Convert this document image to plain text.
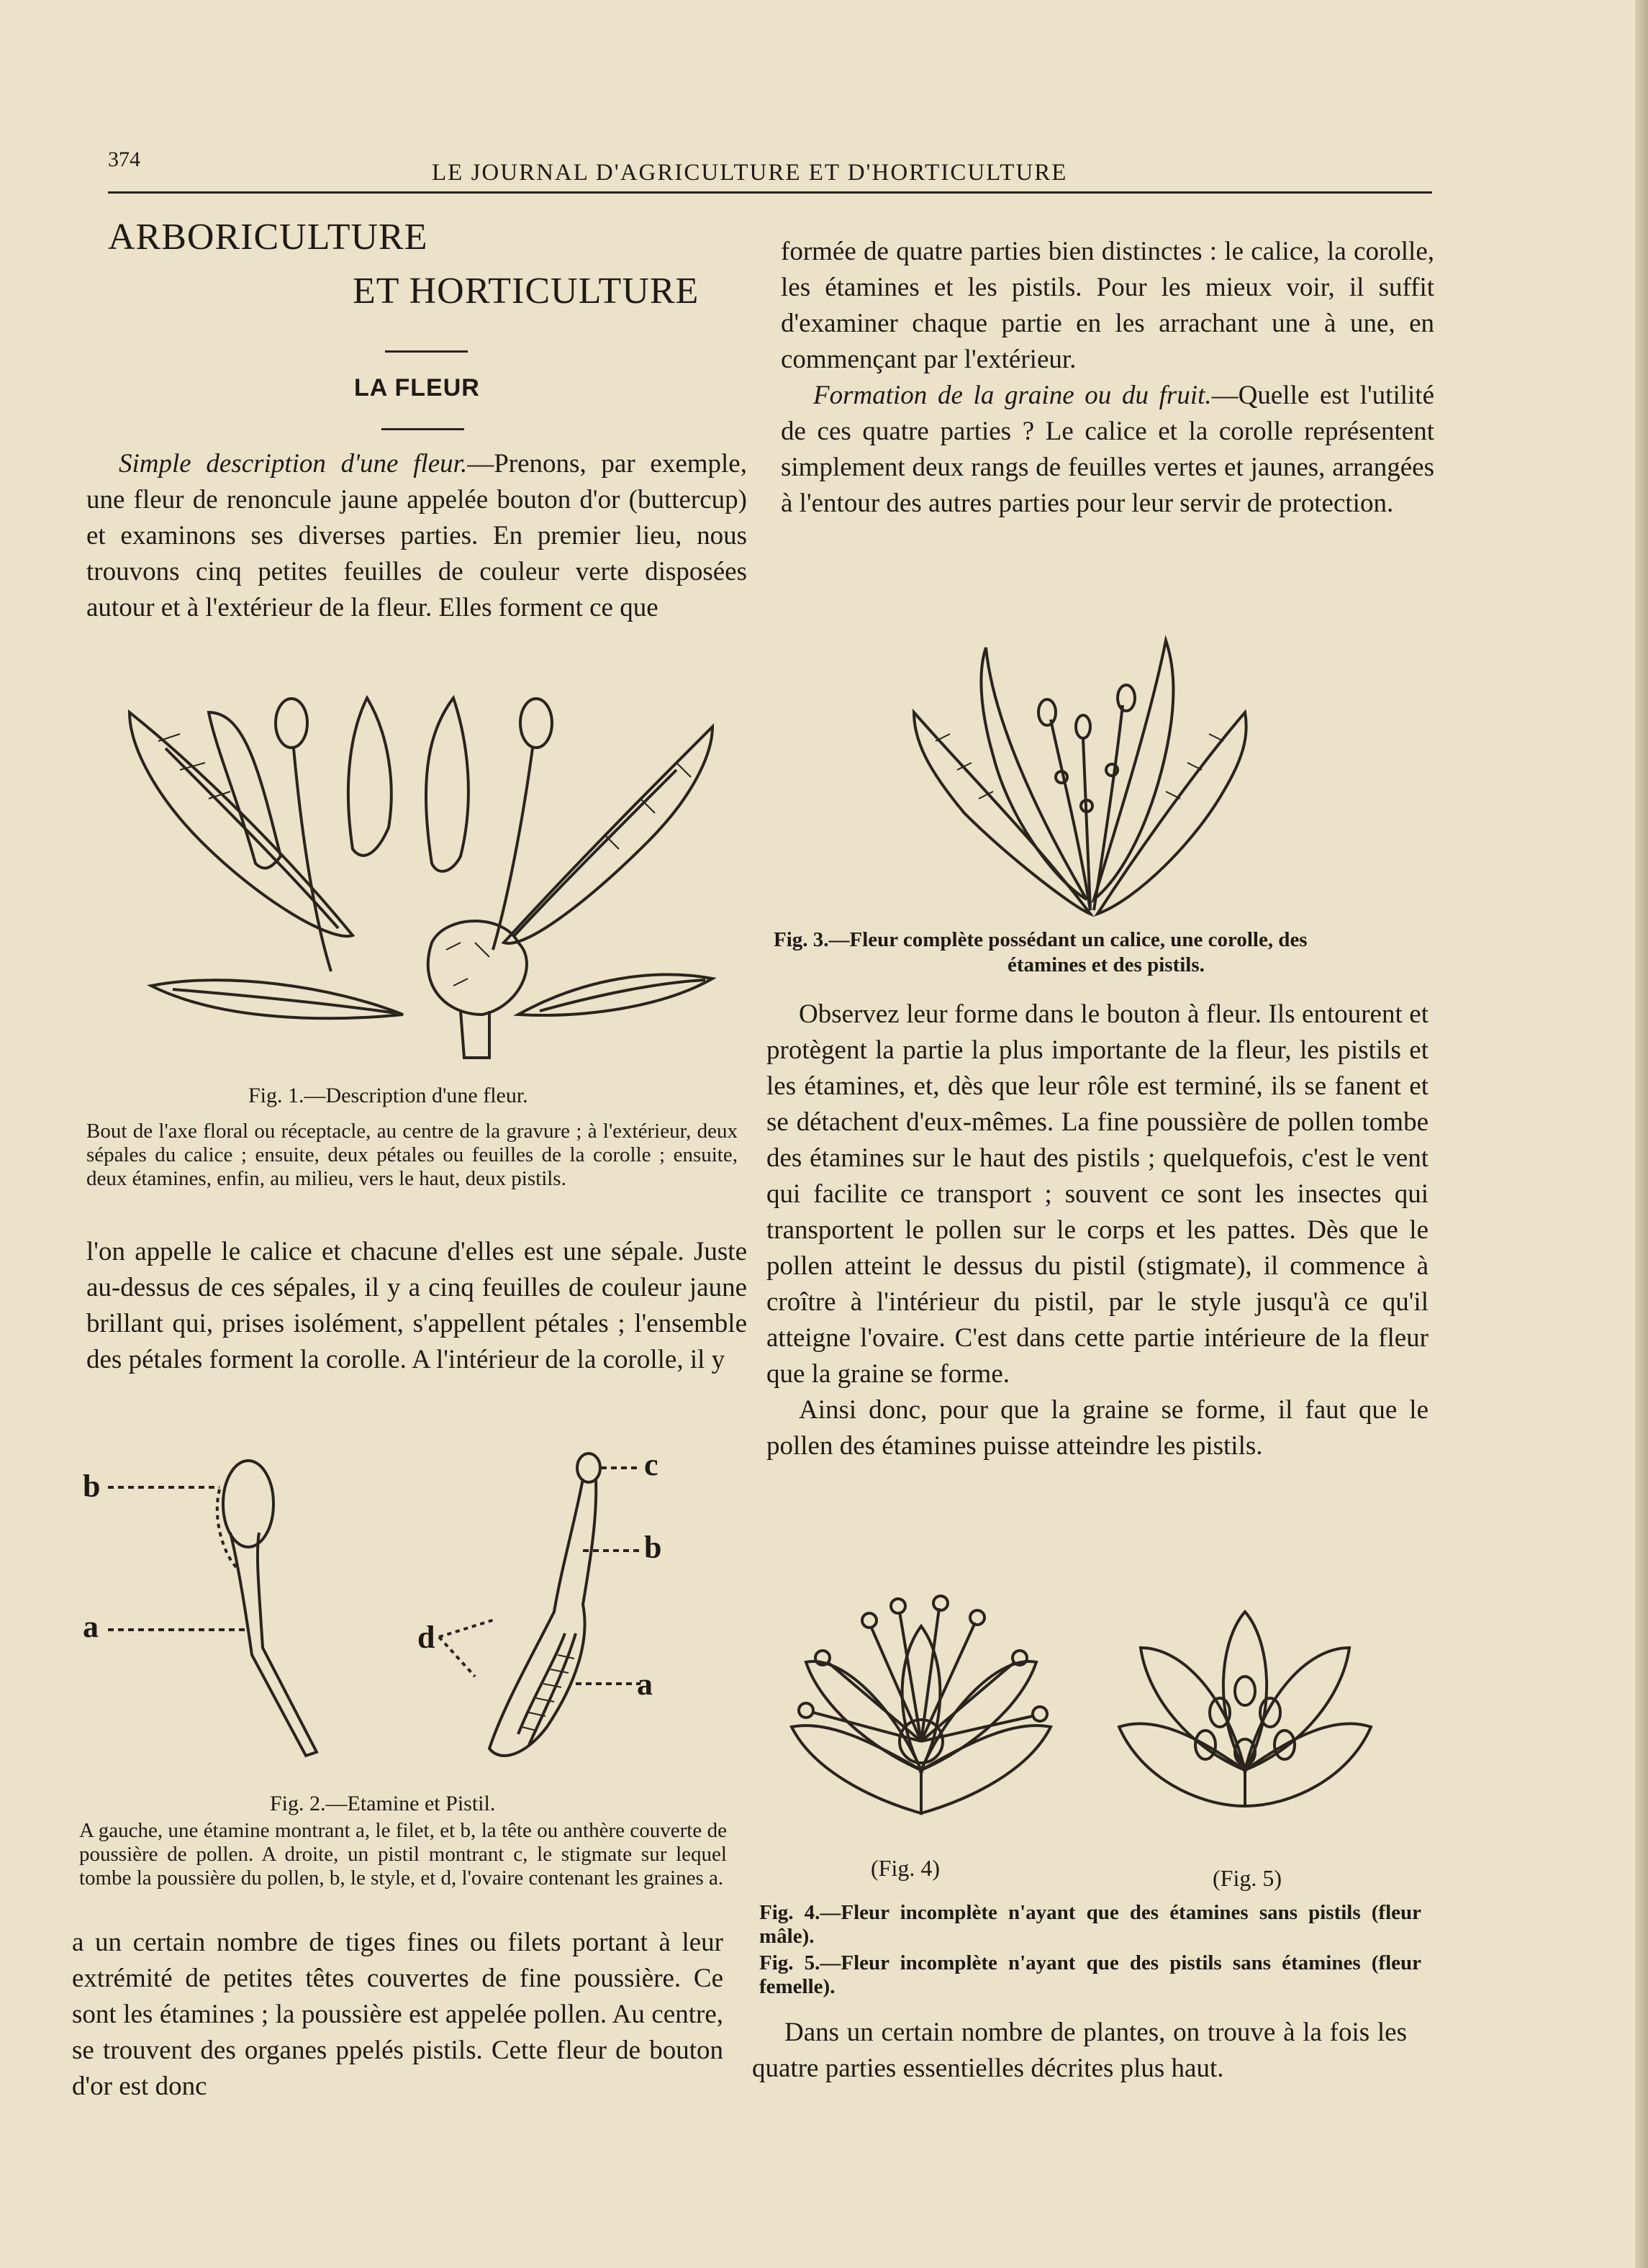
374
LE JOURNAL D'AGRICULTURE ET D'HORTICULTURE
ARBORICULTURE
ET HORTICULTURE
LA FLEUR

Simple description d'une fleur.—Prenons, par exemple, une fleur de renoncule jaune appelée bouton d'or (buttercup) et examinons ses diverses parties. En premier lieu, nous trouvons cinq petites feuilles de couleur verte disposées autour et à l'extérieur de la fleur. Elles forment ce que

Fig. 1.—Description d'une fleur.
Bout de l'axe floral ou réceptacle, au centre de la gravure ; à l'extérieur, deux sépales du calice ; ensuite, deux pétales ou feuilles de la corolle ; ensuite, deux étamines, enfin, au milieu, vers le haut, deux pistils.

l'on appelle le calice et chacune d'elles est une sépale. Juste au-dessus de ces sépales, il y a cinq feuilles de couleur jaune brillant qui, prises isolément, s'appellent pétales ; l'ensemble des pétales forment la corolle. A l'intérieur de la corolle, il y

b
a
c
b
d
a
Fig. 2.—Etamine et Pistil.
A gauche, une étamine montrant a, le filet, et b, la tête ou anthère couverte de poussière de pollen. A droite, un pistil montrant c, le stigmate sur lequel tombe la poussière du pollen, b, le style, et d, l'ovaire contenant les graines a.

a un certain nombre de tiges fines ou filets portant à leur extrémité de petites têtes couvertes de fine poussière. Ce sont les étamines ; la poussière est appelée pollen. Au centre, se trouvent des organes ppelés pistils. Cette fleur de bouton d'or est donc

formée de quatre parties bien distinctes : le calice, la corolle, les étamines et les pistils. Pour les mieux voir, il suffit d'examiner chaque partie en les arrachant une à une, en commençant par l'extérieur.

Formation de la graine ou du fruit.—Quelle est l'utilité de ces quatre parties ? Le calice et la corolle représentent simplement deux rangs de feuilles vertes et jaunes, arrangées à l'entour des autres parties pour leur servir de protection.

Fig. 3.—Fleur complète possédant un calice, une corolle, des
étamines et des pistils.

Observez leur forme dans le bouton à fleur. Ils entourent et protègent la partie la plus importante de la fleur, les pistils et les étamines, et, dès que leur rôle est terminé, ils se fanent et se détachent d'eux-mêmes. La fine poussière de pollen tombe des étamines sur le haut des pistils ; quelquefois, c'est le vent qui facilite ce transport ; souvent ce sont les insectes qui transportent le pollen sur le corps et les pattes. Dès que le pollen atteint le dessus du pistil (stigmate), il commence à croître à l'intérieur du pistil, par le style jusqu'à ce qu'il atteigne l'ovaire. C'est dans cette partie intérieure de la fleur que la graine se forme.

Ainsi donc, pour que la graine se forme, il faut que le pollen des étamines puisse atteindre les pistils.

(Fig. 4)	(Fig. 5)
Fig. 4.—Fleur incomplète n'ayant que des étamines sans pistils (fleur mâle).
Fig. 5.—Fleur incomplète n'ayant que des pistils sans étamines (fleur femelle).

Dans un certain nombre de plantes, on trouve à la fois les quatre parties essentielles décrites plus haut.
